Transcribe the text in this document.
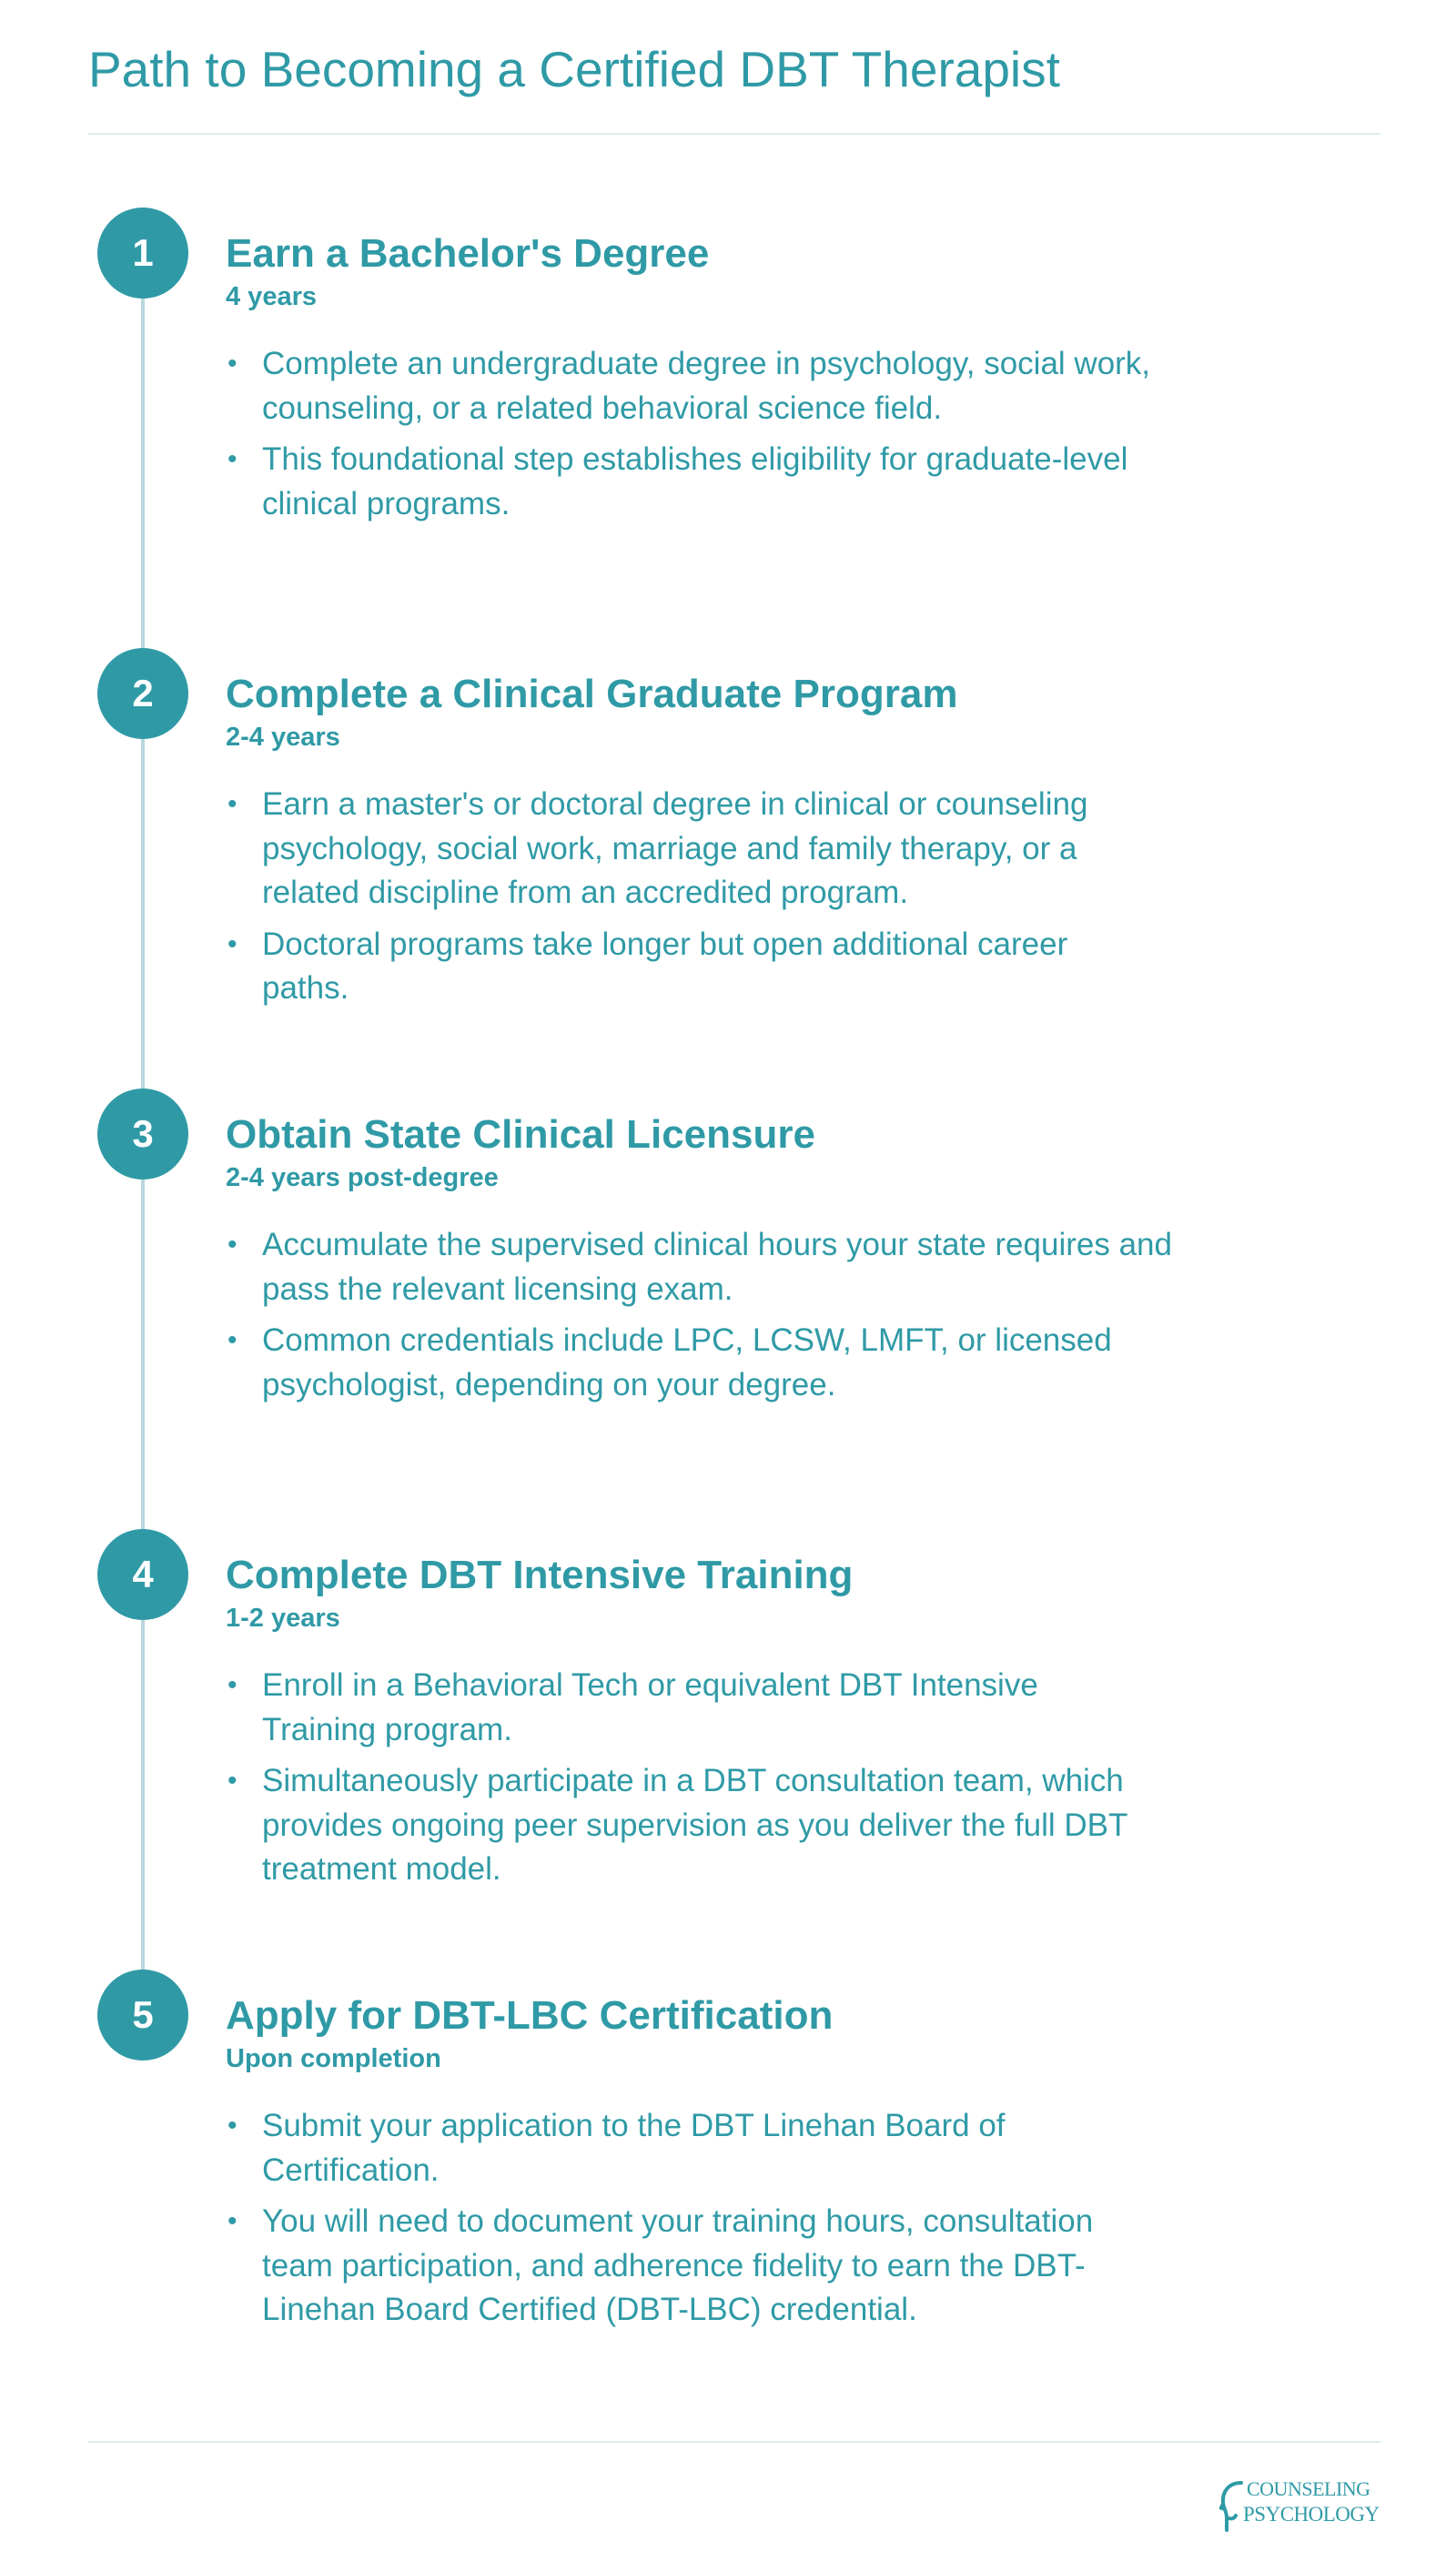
Path to Becoming a Certified DBT Therapist
1	Earn a Bachelor's Degree
4 years
• Complete an undergraduate degree in psychology, social work, counseling, or a related behavioral science field.
• This foundational step establishes eligibility for graduate-level clinical programs.
2	Complete a Clinical Graduate Program
2-4 years
• Earn a master's or doctoral degree in clinical or counseling psychology, social work, marriage and family therapy, or a related discipline from an accredited program.
• Doctoral programs take longer but open additional career paths.
3	Obtain State Clinical Licensure
2-4 years post-degree
• Accumulate the supervised clinical hours your state requires and pass the relevant licensing exam.
• Common credentials include LPC, LCSW, LMFT, or licensed psychologist, depending on your degree.
4	Complete DBT Intensive Training
1-2 years
• Enroll in a Behavioral Tech or equivalent DBT Intensive Training program.
• Simultaneously participate in a DBT consultation team, which provides ongoing peer supervision as you deliver the full DBT treatment model.
5	Apply for DBT-LBC Certification
Upon completion
• Submit your application to the DBT Linehan Board of Certification.
• You will need to document your training hours, consultation team participation, and adherence fidelity to earn the DBT-Linehan Board Certified (DBT-LBC) credential.
COUNSELING
PSYCHOLOGY
